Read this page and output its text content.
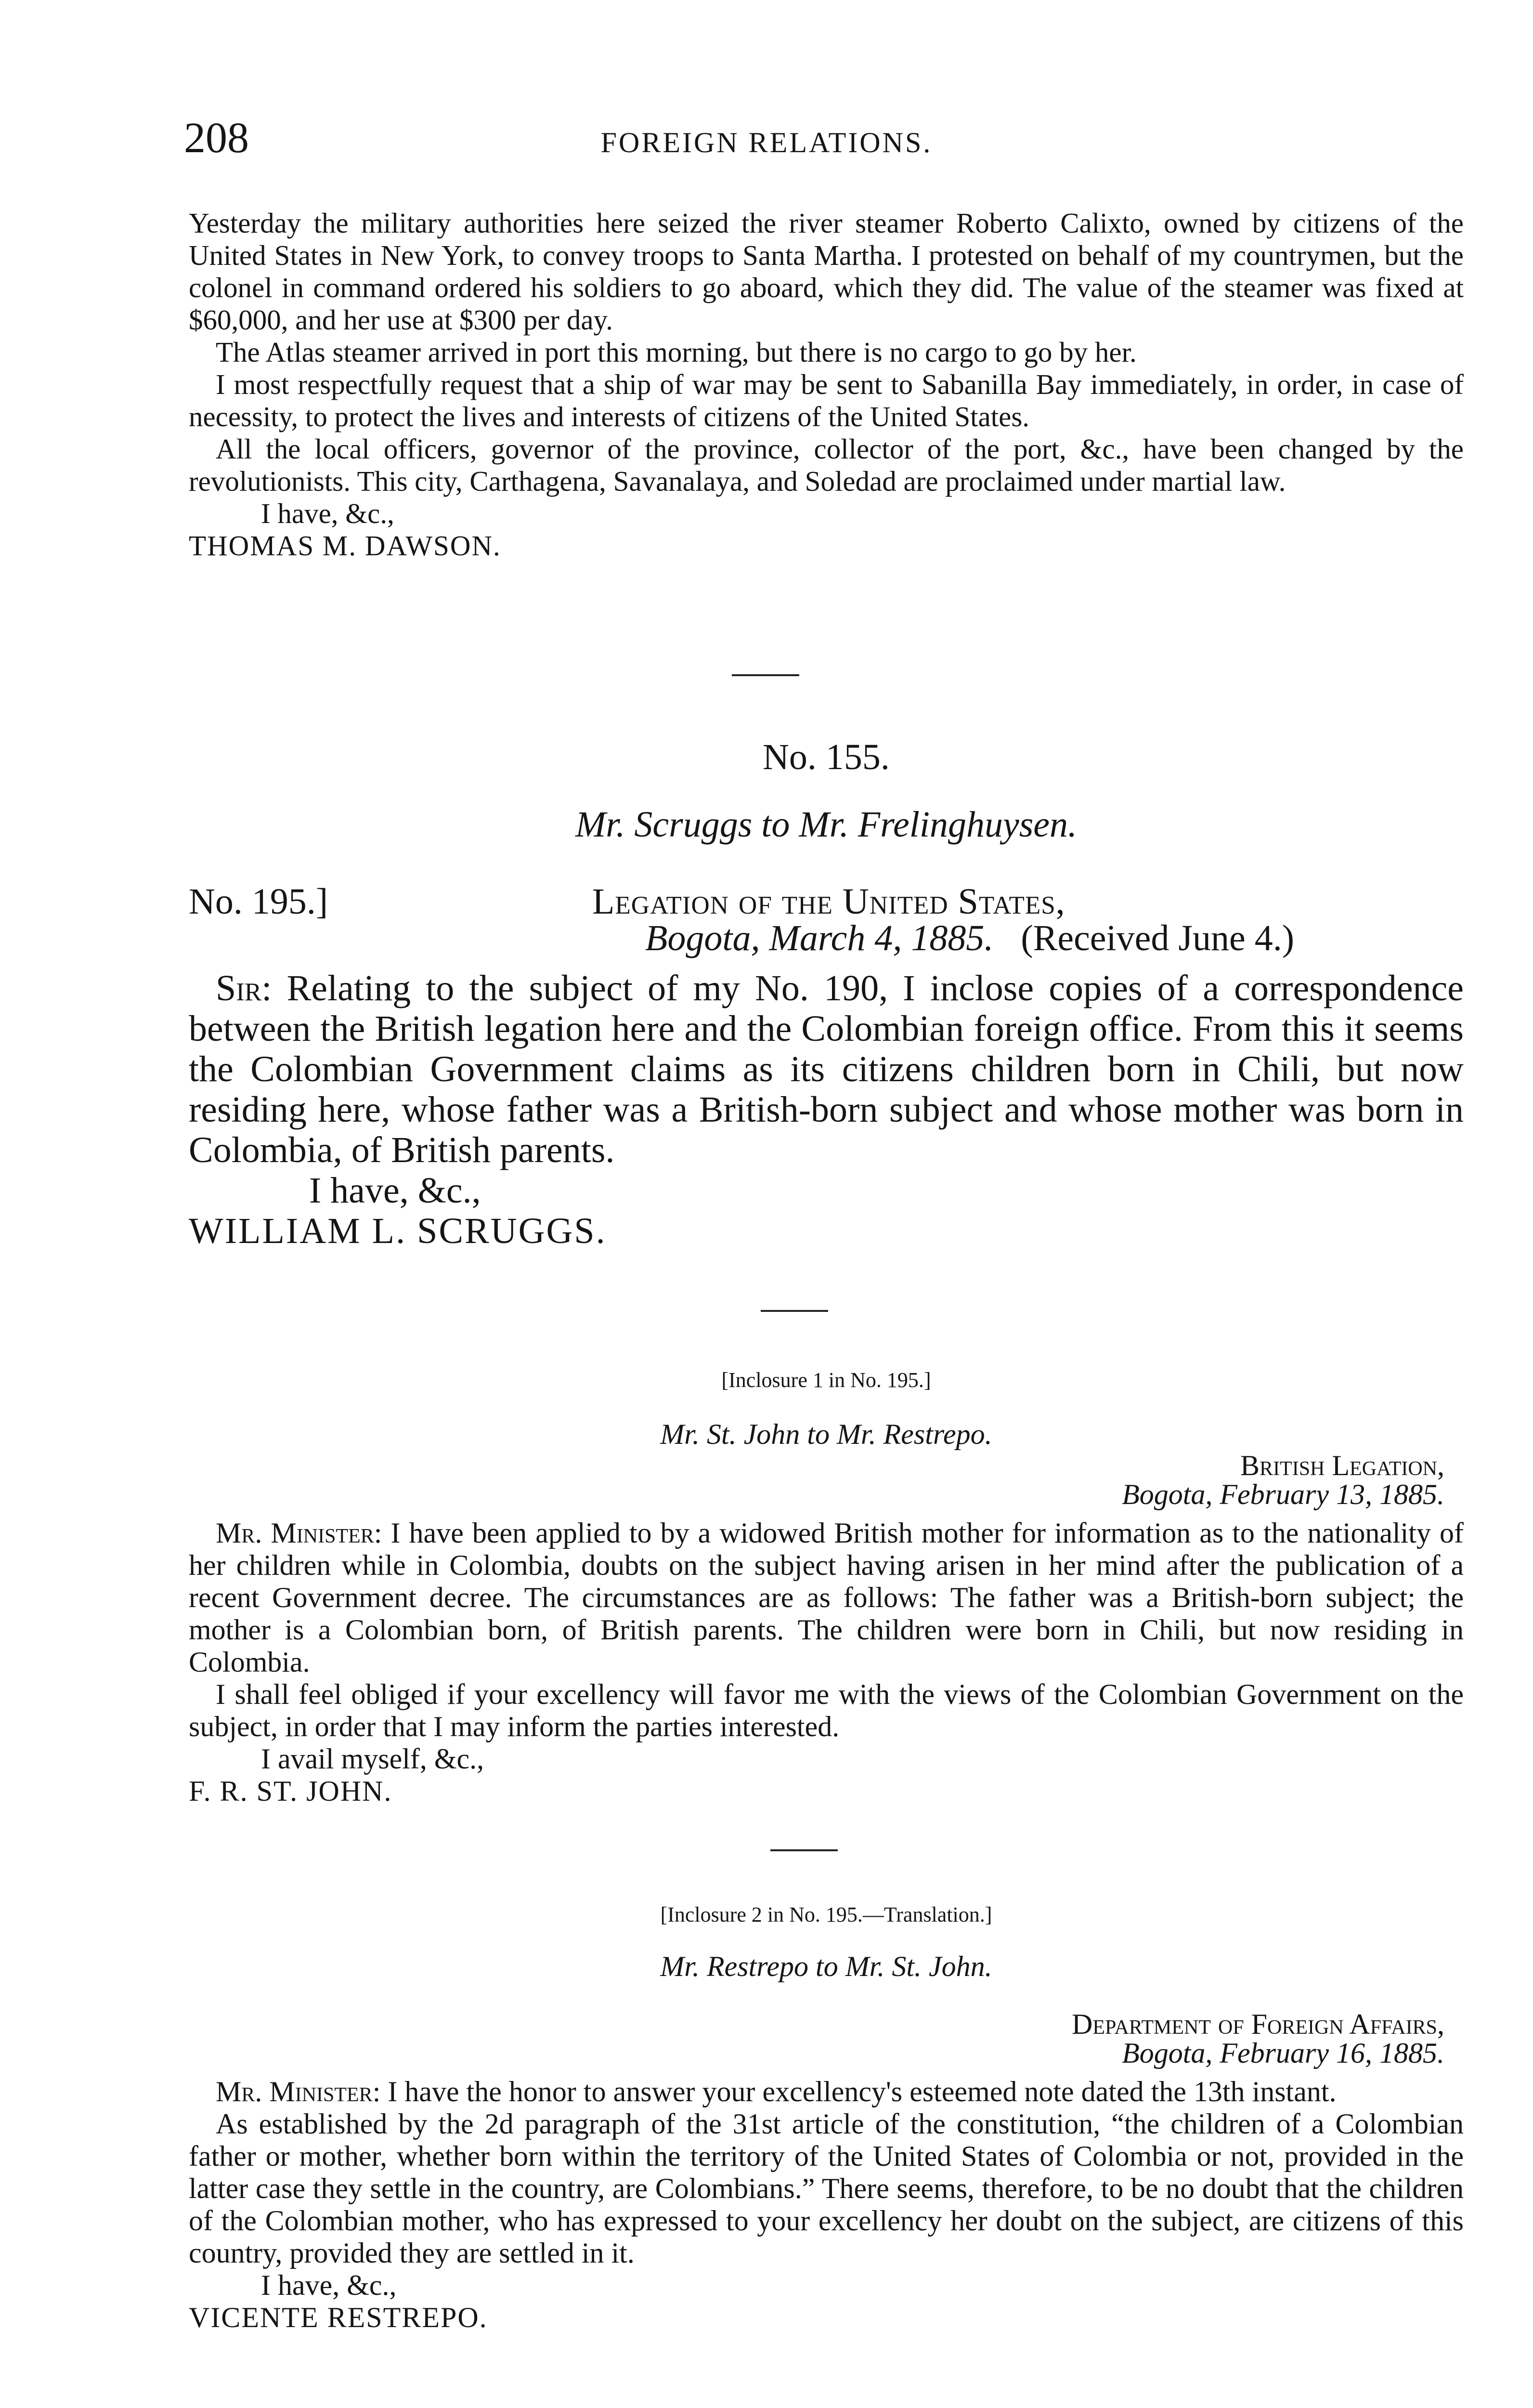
208	FOREIGN RELATIONS.

Yesterday the military authorities here seized the river steamer Roberto Calixto, owned by citizens of the United States in New York, to convey troops to Santa Martha. I protested on behalf of my countrymen, but the colonel in command ordered his soldiers to go aboard, which they did. The value of the steamer was fixed at $60,000, and her use at $300 per day.

The Atlas steamer arrived in port this morning, but there is no cargo to go by her.

I most respectfully request that a ship of war may be sent to Sabanilla Bay immediately, in order, in case of necessity, to protect the lives and interests of citizens of the United States.

All the local officers, governor of the province, collector of the port, &c., have been changed by the revolutionists. This city, Carthagena, Savanalaya, and Soledad are proclaimed under martial law.

I have, &c.,

THOMAS M. DAWSON.

No. 155.
Mr. Scruggs to Mr. Frelinghuysen.
No. 195.]	Legation of the United States,
Bogota, March 4, 1885. (Received June 4.)

Sir: Relating to the subject of my No. 190, I inclose copies of a correspondence between the British legation here and the Colombian foreign office. From this it seems the Colombian Government claims as its citizens children born in Chili, but now residing here, whose father was a British-born subject and whose mother was born in Colombia, of British parents.

I have, &c.,

WILLIAM L. SCRUGGS.

[Inclosure 1 in No. 195.]
Mr. St. John to Mr. Restrepo.
British Legation,
Bogota, February 13, 1885.

Mr. Minister: I have been applied to by a widowed British mother for information as to the nationality of her children while in Colombia, doubts on the subject having arisen in her mind after the publication of a recent Government decree. The circumstances are as follows: The father was a British-born subject; the mother is a Colombian born, of British parents. The children were born in Chili, but now residing in Colombia.

I shall feel obliged if your excellency will favor me with the views of the Colombian Government on the subject, in order that I may inform the parties interested.

I avail myself, &c.,

F. R. ST. JOHN.

[Inclosure 2 in No. 195.—Translation.]
Mr. Restrepo to Mr. St. John.
Department of Foreign Affairs,
Bogota, February 16, 1885.

Mr. Minister: I have the honor to answer your excellency's esteemed note dated the 13th instant.

As established by the 2d paragraph of the 31st article of the constitution, “the children of a Colombian father or mother, whether born within the territory of the United States of Colombia or not, provided in the latter case they settle in the country, are Colombians.” There seems, therefore, to be no doubt that the children of the Colombian mother, who has expressed to your excellency her doubt on the subject, are citizens of this country, provided they are settled in it.

I have, &c.,

VICENTE RESTREPO.
